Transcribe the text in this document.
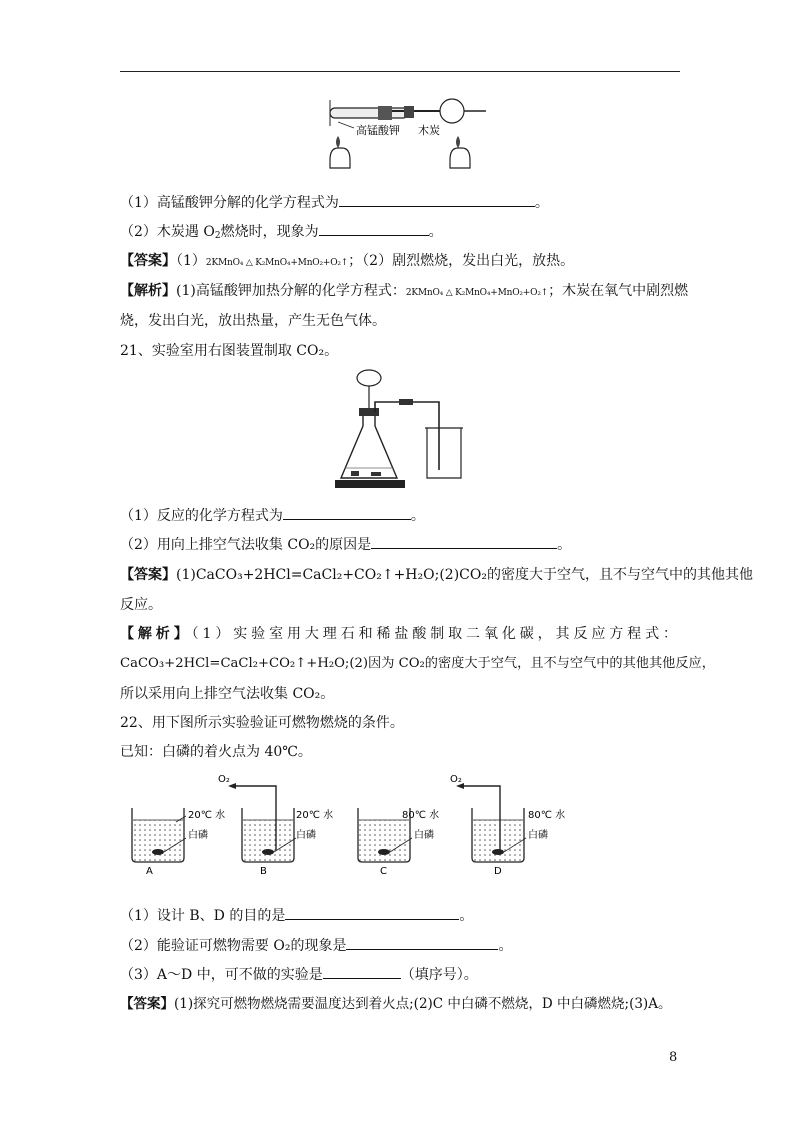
高锰酸钾 木炭
（1）高锰酸钾分解的化学方程式为	。
（2）木炭遇 $O_2$燃烧时，现象为	。
【答案】（1）2KMnO₄ △ K₂MnO₄+MnO₂+O₂↑；（2）剧烈燃烧，发出白光，放热。
【解析】(1)高锰酸钾加热分解的化学方程式：2KMnO₄ △ K₂MnO₄+MnO₂+O₂↑；木炭在氧气中剧烈燃
烧，发出白光，放出热量，产生无色气体。
21、实验室用右图装置制取 CO₂。
（1）反应的化学方程式为	。
（2）用向上排空气法收集 CO₂的原因是	。
【答案】(1)CaCO₃+2HCl=CaCl₂+CO₂↑+H₂O;(2)CO₂的密度大于空气，且不与空气中的其他其他
反应。
【解析】（1）实验室用大理石和稀盐酸制取二氧化碳，其反应方程式：
CaCO₃+2HCl=CaCl₂+CO₂↑+H₂O;(2)因为 CO₂的密度大于空气，且不与空气中的其他其他反应，
所以采用向上排空气法收集 CO₂。
22、用下图所示实验验证可燃物燃烧的条件。
已知：白磷的着火点为 40℃。
20℃ 水
白磷
A
O₂
20℃ 水
白磷
B
80℃ 水
白磷
C
O₂
80℃ 水
白磷
D
（1）设计 B、D 的目的是	。
（2）能验证可燃物需要 O₂的现象是	。
（3）A～D 中，可不做的实验是	（填序号）。
【答案】(1)探究可燃物燃烧需要温度达到着火点;(2)C 中白磷不燃烧，D 中白磷燃烧;(3)A。
8
